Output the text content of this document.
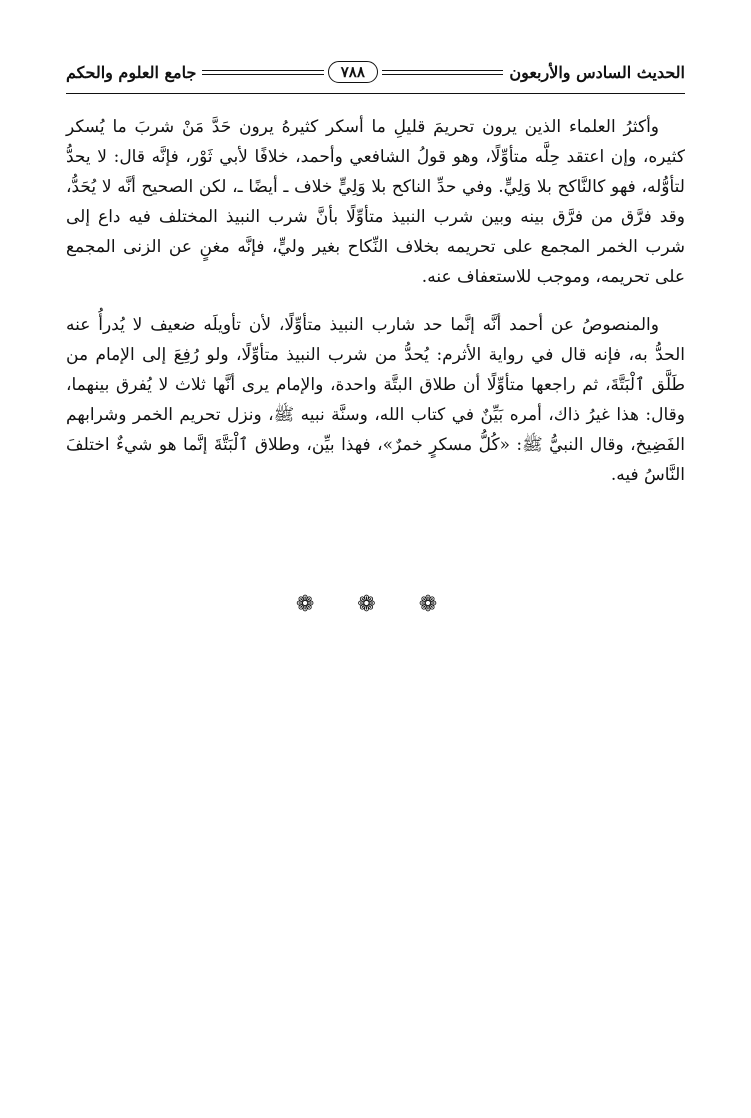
الحديث السادس والأربعون
٧٨٨
جامع العلوم والحكم

وأكثرُ العلماء الذين يرون تحريمَ قليلِ ما أسكر كثيرهُ يرون حَدَّ مَنْ شربَ ما يُسكر كثيره، وإن اعتقد حِلَّه متأوِّلًا، وهو قولُ الشافعي وأحمد، خلافًا لأبي ثَوْر، فإنَّه قال: لا يحدُّ لتأوُّله، فهو كالنَّاكح بلا وَلِيٍّ. وفي حدِّ الناكح بلا وَلِيٍّ خلاف ـ أيضًا ـ، لكن الصحيح أنَّه لا يُحَدُّ، وقد فرَّق من فرَّق بينه وبين شرب النبيذ متأوِّلًا بأنَّ شرب النبيذ المختلف فيه داع إلى شرب الخمر المجمع على تحريمه بخلاف النِّكاح بغير وليٍّ، فإنَّه مغنٍ عن الزنى المجمع على تحريمه، وموجب للاستعفاف عنه.

والمنصوصُ عن أحمد أنَّه إنَّما حد شارب النبيذ متأوِّلًا، لأن تأويلَه ضعيف لا يُدرأُ عنه الحدُّ به، فإنه قال في رواية الأثرم: يُحدُّ من شرب النبيذ متأوِّلًا، ولو رُفِعَ إلى الإمام من طَلَّق ٱلْبَتَّةَ، ثم راجعها متأوِّلًا أن طلاق البتَّة واحدة، والإمام يرى أنَّها ثلاث لا يُفرق بينهما، وقال: هذا غيرُ ذاك، أمره بَيِّنٌ في كتاب الله، وسنَّة نبيه ﷺ، ونزل تحريم الخمر وشرابهم الفَضِيخ، وقال النبيُّ ﷺ: «كُلُّ مسكرٍ خمرٌ»، فهذا بيِّن، وطلاق ٱلْبَتَّةَ إنَّما هو شيءٌ اختلفَ النَّاسُ فيه.

❁ ❁ ❁
